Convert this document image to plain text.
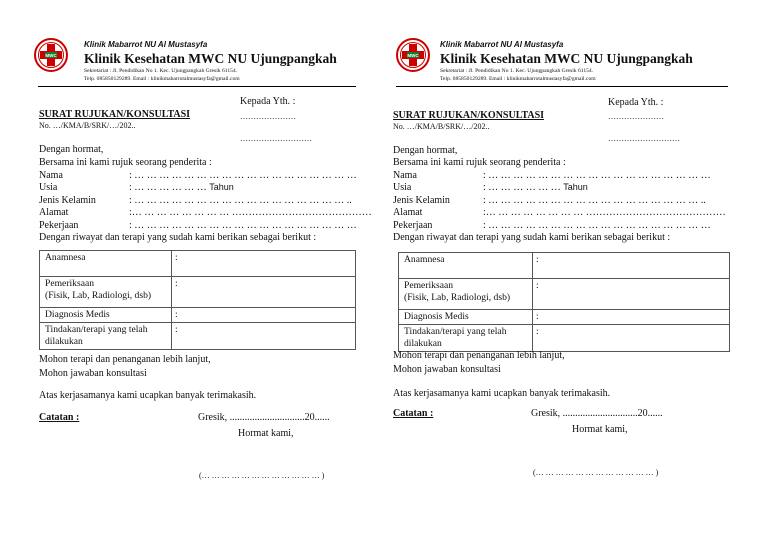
MWC
Klinik Mabarrot NU Al Mustasyfa
Klinik Kesehatan MWC NU Ujungpangkah
Sekretariat : Jl. Pendidikan No 1. Kec. Ujungpangkah Gresik 61154.
Telp. 085850129289. Email : klinikmabarrotalmustasyfa@gmail.com
Kepada Yth. :
…………………
………………………
SURAT RUJUKAN/KONSULTASI
No. …/KMA/B/SRK/…/202..
Dengan hormat,
Bersama ini kami rujuk seorang penderita :
Nama	: … … … … … … … … … … … … … … … … … …
Usia	: … … … … … … Tahun
Jenis Kelamin	: … … … … … … … … … … … … … … … … … ..
Alamat	:… … … … … … … … ……………………………………
Pekerjaan	: … … … … … … … … … … … … … … … … … …
Dengan riwayat dan terapi yang sudah kami berikan sebagai berikut :
Anamnesa	:
Pemeriksaan
(Fisik, Lab, Radiologi, dsb)	:
Diagnosis Medis	:
Tindakan/terapi yang telah
dilakukan	:
Mohon terapi dan penanganan lebih lanjut,
Mohon jawaban konsultasi
Atas kerjasamanya kami ucapkan banyak terimakasih.
Catatan :	Gresik, ..............................20......
Hormat kami,
(… … … … … … … … … … … … )
MWC
Klinik Mabarrot NU Al Mustasyfa
Klinik Kesehatan MWC NU Ujungpangkah
Sekretariat : Jl. Pendidikan No 1. Kec. Ujungpangkah Gresik 61154.
Telp. 085850129289. Email : klinikmabarrotalmustasyfa@gmail.com
Kepada Yth. :
…………………
………………………
SURAT RUJUKAN/KONSULTASI
No. …/KMA/B/SRK/…/202..
Dengan hormat,
Bersama ini kami rujuk seorang penderita :
Nama	: … … … … … … … … … … … … … … … … … …
Usia	: … … … … … … Tahun
Jenis Kelamin	: … … … … … … … … … … … … … … … … … ..
Alamat	:… … … … … … … … ……………………………………
Pekerjaan	: … … … … … … … … … … … … … … … … … …
Dengan riwayat dan terapi yang sudah kami berikan sebagai berikut :
Anamnesa	:
Pemeriksaan
(Fisik, Lab, Radiologi, dsb)	:
Diagnosis Medis	:
Tindakan/terapi yang telah
dilakukan	:
Mohon terapi dan penanganan lebih lanjut,
Mohon jawaban konsultasi
Atas kerjasamanya kami ucapkan banyak terimakasih.
Catatan :	Gresik, ..............................20......
Hormat kami,
(… … … … … … … … … … … … )
